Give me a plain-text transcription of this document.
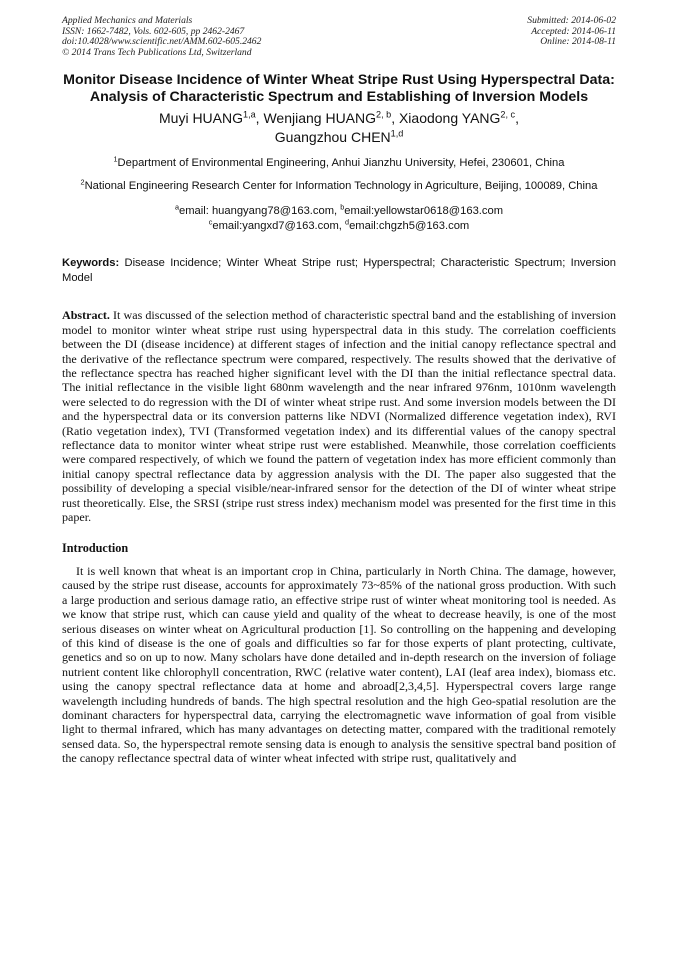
Applied Mechanics and Materials
ISSN: 1662-7482, Vols. 602-605, pp 2462-2467
doi:10.4028/www.scientific.net/AMM.602-605.2462
© 2014 Trans Tech Publications Ltd, Switzerland
Submitted: 2014-06-02
Accepted: 2014-06-11
Online: 2014-08-11
Monitor Disease Incidence of Winter Wheat Stripe Rust Using Hyperspectral Data: Analysis of Characteristic Spectrum and Establishing of Inversion Models
Muyi HUANG$^{1,a}$, Wenjiang HUANG$^{2, b}$, Xiaodong YANG$^{2, c}$,
Guangzhou CHEN$^{1,d}$
$^1$Department of Environmental Engineering, Anhui Jianzhu University, Hefei, 230601, China
$^2$National Engineering Research Center for Information Technology in Agriculture, Beijing, 100089, China
$^a$email: huangyang78@163.com, $^b$email:yellowstar0618@163.com
$^c$email:yangxd7@163.com, $^d$email:chgzh5@163.com
Keywords: Disease Incidence; Winter Wheat Stripe rust; Hyperspectral; Characteristic Spectrum; Inversion Model

Abstract. It was discussed of the selection method of characteristic spectral band and the establishing of inversion model to monitor winter wheat stripe rust using hyperspectral data in this study. The correlation coefficients between the DI (disease incidence) at different stages of infection and the initial canopy reflectance spectral and the derivative of the reflectance spectrum were compared, respectively. The results showed that the derivative of the reflectance spectra has reached higher significant level with the DI than the initial reflectance spectral data. The initial reflectance in the visible light 680nm wavelength and the near infrared 976nm, 1010nm wavelength were selected to do regression with the DI of winter wheat stripe rust. And some inversion models between the DI and the hyperspectral data or its conversion patterns like NDVI (Normalized difference vegetation index), RVI (Ratio vegetation index), TVI (Transformed vegetation index) and its differential values of the canopy spectral reflectance data to monitor winter wheat stripe rust were established. Meanwhile, those correlation coefficients were compared respectively, of which we found the pattern of vegetation index has more efficient commonly than initial canopy spectral reflectance data by aggression analysis with the DI. The paper also suggested that the possibility of developing a special visible/near-infrared sensor for the detection of the DI of winter wheat stripe rust theoretically. Else, the SRSI (stripe rust stress index) mechanism model was presented for the first time in this paper.

Introduction

It is well known that wheat is an important crop in China, particularly in North China. The damage, however, caused by the stripe rust disease, accounts for approximately 73~85% of the national gross production. With such a large production and serious damage ratio, an effective stripe rust of winter wheat monitoring tool is needed. As we know that stripe rust, which can cause yield and quality of the wheat to decrease heavily, is one of the most serious diseases on winter wheat on Agricultural production [1]. So controlling on the happening and developing of this kind of disease is the one of goals and difficulties so far for those experts of plant protecting, cultivate, genetics and so on up to now. Many scholars have done detailed and in-depth research on the inversion of foliage nutrient content like chlorophyll concentration, RWC (relative water content), LAI (leaf area index), biomass etc. using the canopy spectral reflectance data at home and abroad[2,3,4,5]. Hyperspectral covers large range wavelength including hundreds of bands. The high spectral resolution and the high Geo-spatial resolution are the dominant characters for hyperspectral data, carrying the electromagnetic wave information of goal from visible light to thermal infrared, which has many advantages on detecting matter, compared with the traditional remotely sensed data. So, the hyperspectral remote sensing data is enough to analysis the sensitive spectral band position of the canopy reflectance spectral data of winter wheat infected with stripe rust, qualitatively and
